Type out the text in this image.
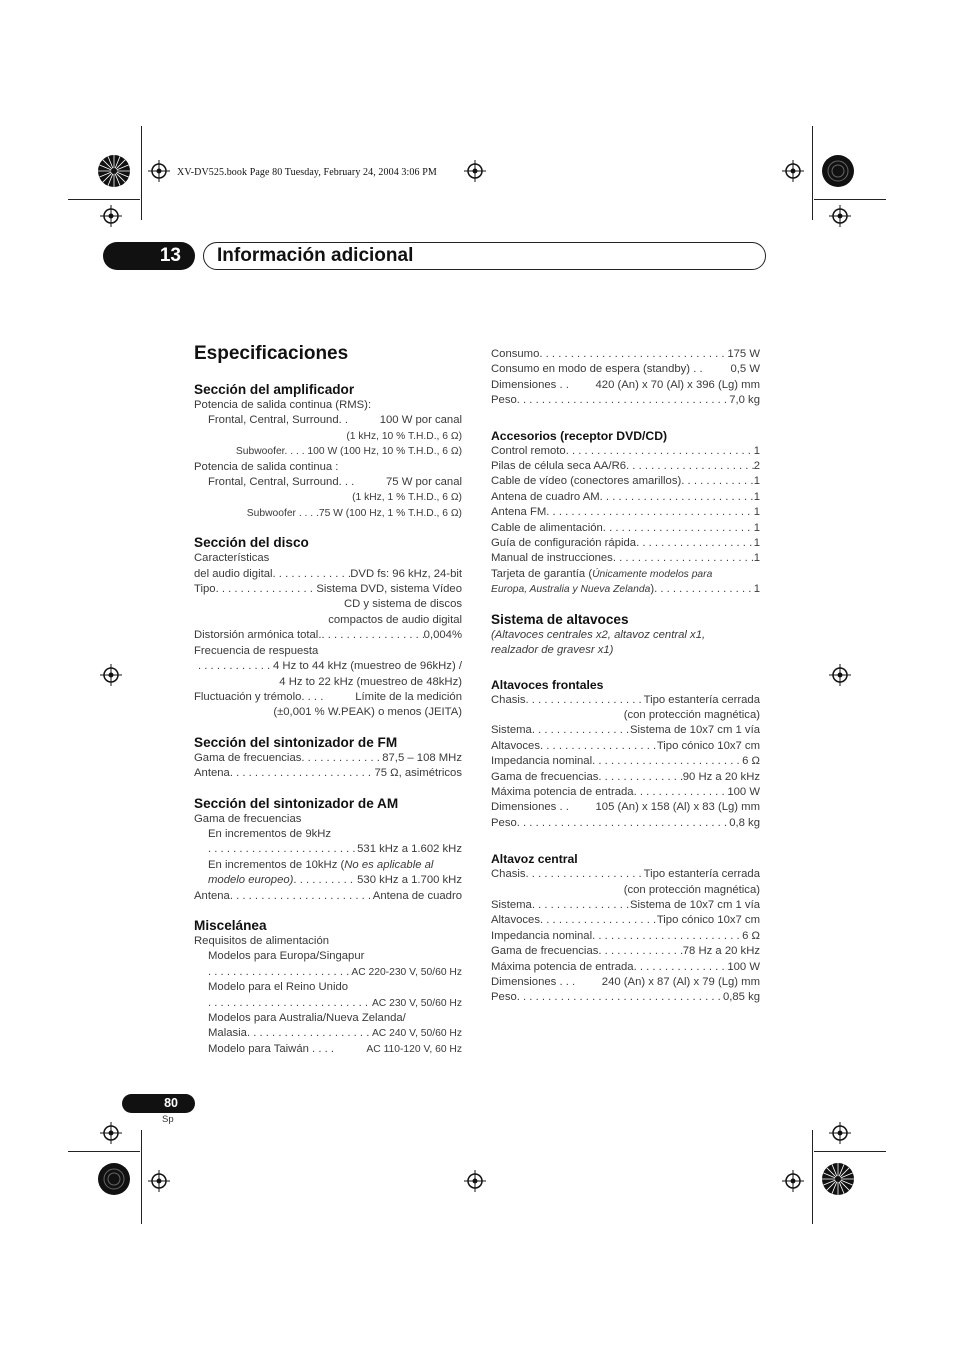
XV-DV525.book Page 80 Tuesday, February 24, 2004 3:06 PM
13	Información adicional
Especificaciones
Sección del amplificador
Potencia de salida continua (RMS):
Frontal, Central, Surround. .	100 W por canal
(1 kHz, 10 % T.H.D., 6 Ω)
Subwoofer. . . . 100 W (100 Hz, 10 % T.H.D., 6 Ω)
Potencia de salida continua :
Frontal, Central, Surround. . .	75 W por canal
(1 kHz, 1 % T.H.D., 6 Ω)
Subwoofer . . . .75 W (100 Hz, 1 % T.H.D., 6 Ω)
Sección del disco
Características
del audio digital . . .	DVD fs: 96 kHz, 24-bit
Tipo . . .	Sistema DVD, sistema Vídeo
CD y sistema de discos
compactos de audio digital
Distorsión armónica total. . . .	0,004%
Frecuencia de respuesta
. . .
4 Hz to 44 kHz (muestreo de 96kHz) /
4 Hz to 22 kHz (muestreo de 48kHz)
Fluctuación y trémolo. . . .	Límite de la medición
(±0,001 % W.PEAK) o menos (JEITA)
Sección del sintonizador de FM
Gama de frecuencias . . .	87,5 – 108 MHz
Antena . . .	75 Ω, asimétricos
Sección del sintonizador de AM
Gama de frecuencias
En incrementos de 9kHz
. . .
531 kHz a 1.602 kHz
En incrementos de 10kHz (No es aplicable al
modelo europeo) . . .	530 kHz a 1.700 kHz
Antena . . .	Antena de cuadro
Miscelánea
Requisitos de alimentación
Modelos para Europa/Singapur
. . .
AC 220-230 V, 50/60 Hz
Modelo para el Reino Unido
. . .
AC 230 V, 50/60 Hz
Modelos para Australia/Nueva Zelanda/
Malasia . . .	AC 240 V, 50/60 Hz
Modelo para Taiwán . . . .	AC 110-120 V, 60 Hz
Consumo . . .	175 W
Consumo en modo de espera (standby) . . 0,5 W
Dimensiones . . 420 (An) x 70 (Al) x 396 (Lg) mm
Peso . . .	7,0 kg
Accesorios (receptor DVD/CD)
Control remoto . . .	1
Pilas de célula seca AA/R6 . . .	2
Cable de vídeo (conectores amarillos) . . .	1
Antena de cuadro AM . . .	1
Antena FM . . .	1
Cable de alimentación . . .	1
Guía de configuración rápida . . .	1
Manual de instrucciones . . .	1
Tarjeta de garantía (Únicamente modelos para
Europa, Australia y Nueva Zelanda ) . . .	1
Sistema de altavoces
(Altavoces centrales x2, altavoz central x1,
realzador de gravesr x1)
Altavoces frontales
Chasis . . .	Tipo estantería cerrada
(con protección magnética)
Sistema . . .	Sistema de 10x7 cm 1 vía
Altavoces . . .	Tipo cónico 10x7 cm
Impedancia nominal . . .	6 Ω
Gama de frecuencias . . .	90 Hz a 20 kHz
Máxima potencia de entrada . . .	100 W
Dimensiones . . 105 (An) x 158 (Al) x 83 (Lg) mm
Peso . . .	0,8 kg
Altavoz central
Chasis . . .	Tipo estantería cerrada
(con protección magnética)
Sistema . . .	Sistema de 10x7 cm 1 vía
Altavoces . . .	Tipo cónico 10x7 cm
Impedancia nominal . . .	6 Ω
Gama de frecuencias . . .	78 Hz a 20 kHz
Máxima potencia de entrada . . .	100 W
Dimensiones . . . 240 (An) x 87 (Al) x 79 (Lg) mm
Peso . . .	0,85 kg
80
Sp
